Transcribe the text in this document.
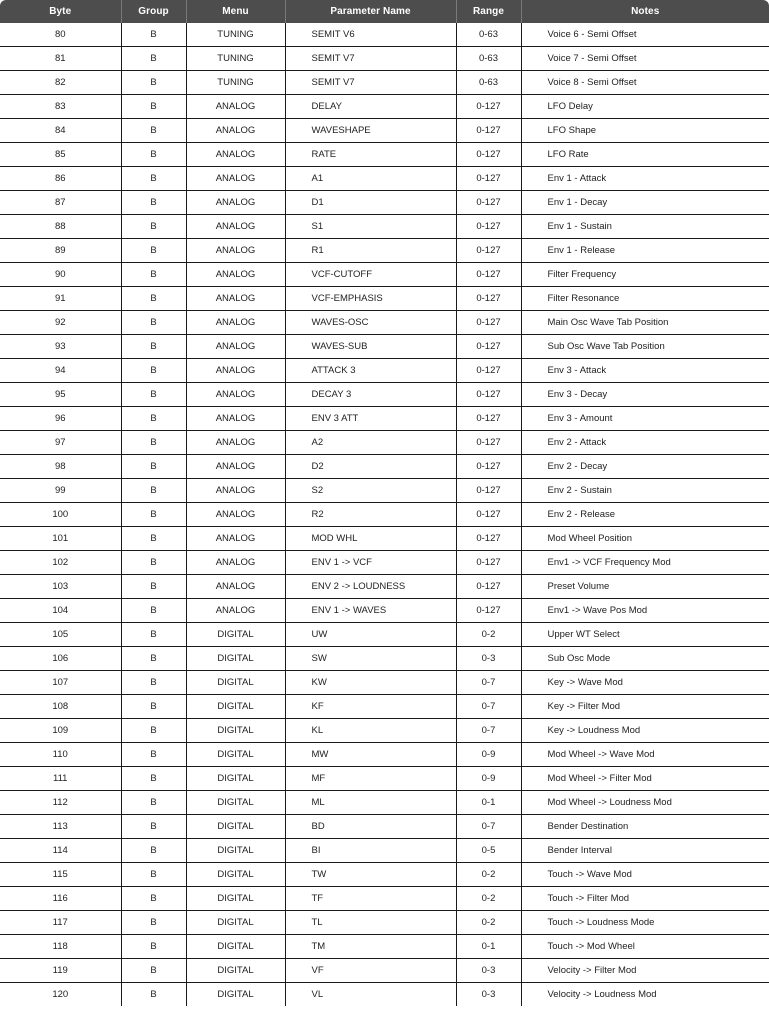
Byte	Group	Menu	Parameter Name	Range	Notes
80	B	TUNING	SEMIT V6	0-63	Voice 6 - Semi Offset
81	B	TUNING	SEMIT V7	0-63	Voice 7 - Semi Offset
82	B	TUNING	SEMIT V7	0-63	Voice 8 - Semi Offset
83	B	ANALOG	DELAY	0-127	LFO Delay
84	B	ANALOG	WAVESHAPE	0-127	LFO Shape
85	B	ANALOG	RATE	0-127	LFO Rate
86	B	ANALOG	A1	0-127	Env 1 - Attack
87	B	ANALOG	D1	0-127	Env 1 - Decay
88	B	ANALOG	S1	0-127	Env 1 - Sustain
89	B	ANALOG	R1	0-127	Env 1 - Release
90	B	ANALOG	VCF-CUTOFF	0-127	Filter Frequency
91	B	ANALOG	VCF-EMPHASIS	0-127	Filter Resonance
92	B	ANALOG	WAVES-OSC	0-127	Main Osc Wave Tab Position
93	B	ANALOG	WAVES-SUB	0-127	Sub Osc Wave Tab Position
94	B	ANALOG	ATTACK 3	0-127	Env 3 - Attack
95	B	ANALOG	DECAY 3	0-127	Env 3 - Decay
96	B	ANALOG	ENV 3 ATT	0-127	Env 3 - Amount
97	B	ANALOG	A2	0-127	Env 2 - Attack
98	B	ANALOG	D2	0-127	Env 2 - Decay
99	B	ANALOG	S2	0-127	Env 2 - Sustain
100	B	ANALOG	R2	0-127	Env 2 - Release
101	B	ANALOG	MOD WHL	0-127	Mod Wheel Position
102	B	ANALOG	ENV 1 -> VCF	0-127	Env1 -> VCF Frequency Mod
103	B	ANALOG	ENV 2 -> LOUDNESS	0-127	Preset Volume
104	B	ANALOG	ENV 1 -> WAVES	0-127	Env1 -> Wave Pos Mod
105	B	DIGITAL	UW	0-2	Upper WT Select
106	B	DIGITAL	SW	0-3	Sub Osc Mode
107	B	DIGITAL	KW	0-7	Key -> Wave Mod
108	B	DIGITAL	KF	0-7	Key -> Filter Mod
109	B	DIGITAL	KL	0-7	Key -> Loudness Mod
110	B	DIGITAL	MW	0-9	Mod Wheel -> Wave Mod
111	B	DIGITAL	MF	0-9	Mod Wheel -> Filter Mod
112	B	DIGITAL	ML	0-1	Mod Wheel -> Loudness Mod
113	B	DIGITAL	BD	0-7	Bender Destination
114	B	DIGITAL	BI	0-5	Bender Interval
115	B	DIGITAL	TW	0-2	Touch -> Wave Mod
116	B	DIGITAL	TF	0-2	Touch -> Filter Mod
117	B	DIGITAL	TL	0-2	Touch -> Loudness Mode
118	B	DIGITAL	TM	0-1	Touch -> Mod Wheel
119	B	DIGITAL	VF	0-3	Velocity -> Filter Mod
120	B	DIGITAL	VL	0-3	Velocity -> Loudness Mod
